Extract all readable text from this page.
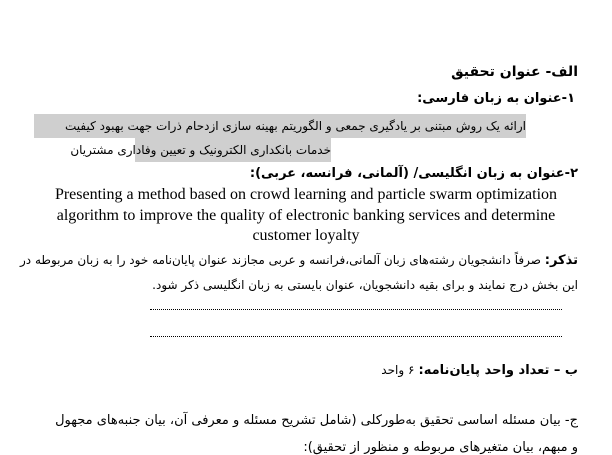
الف- عنوان تحقیق
۱-عنوان به زبان فارسی:
ارائه یک روش مبتنی بر یادگیری جمعی و الگوریتم بهینه سازی ازدحام ذرات جهت بهبود کیفیت
خدمات بانکداری الکترونیک و تعیین وفاداری مشتریان
۲-عنوان به زبان انگلیسی/ (آلمانی، فرانسه، عربی):
Presenting a method based on crowd learning and particle swarm optimization
algorithm to improve the quality of electronic banking services and determine
customer loyalty
تذکر: صرفاً دانشجویان رشته‌های زبان آلمانی،فرانسه و عربی مجازند عنوان پایان‌نامه خود را به زبان مربوطه در
این بخش درج نمایند و برای بقیه دانشجویان، عنوان بایستی به زبان انگلیسی ذکر شود.
ب – تعداد واحد پایان‌نامه: ۶ واحد
ج- بیان مسئله اساسی تحقیق به‌طورکلی (شامل تشریح مسئله و معرفی آن، بیان جنبه‌های مجهول
و مبهم، بیان متغیرهای مربوطه و منظور از تحقیق):
